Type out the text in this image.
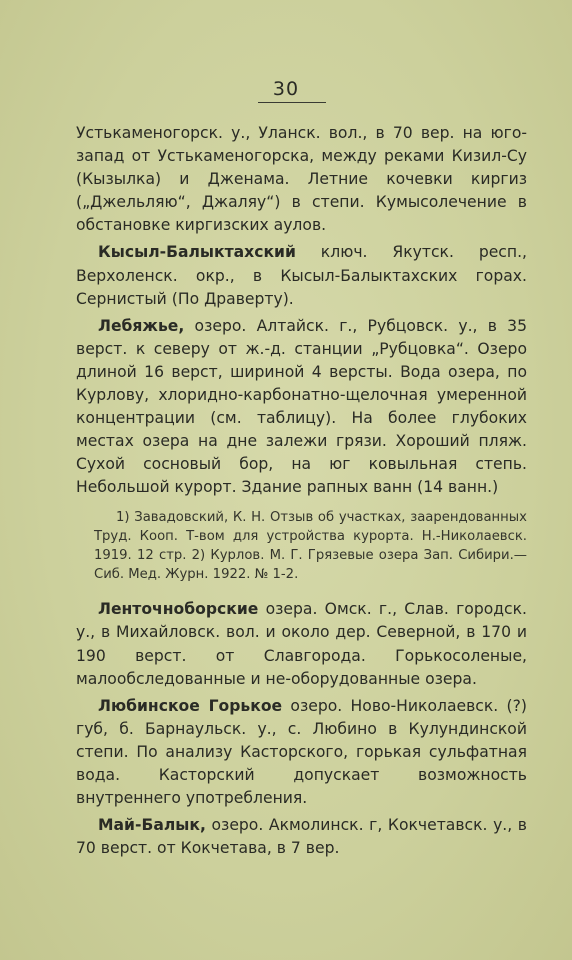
30

Устькаменогорск. у., Уланск. вол., в 70 вер. на юго-запад от Устькаменогорска, между реками Кизил-Су (Кызылка) и Дженама. Летние кочевки киргиз („Джельляю“, Джаляу“) в степи. Кумысолечение в обстановке киргизских аулов.

Кысыл-Балыктахский ключ. Якутск. респ., Верхоленск. окр., в Кысыл-Балыктахских горах. Сернистый (По Драверту).

Лебяжье, озеро. Алтайск. г., Рубцовск. у., в 35 верст. к северу от ж.-д. станции „Рубцовка“. Озеро длиной 16 верст, шириной 4 версты. Вода озера, по Курлову, хлоридно-карбонатно-щелочная умеренной концентрации (см. таблицу). На более глубоких местах озера на дне залежи грязи. Хороший пляж. Сухой сосновый бор, на юг ковыльная степь. Небольшой курорт. Здание рапных ванн (14 ванн.)

1) Завадовский, К. Н. Отзыв об участках, заарендованных Труд. Кооп. Т-вом для устройства курорта. Н.-Николаевск. 1919. 12 стр. 2) Курлов. М. Г. Грязевые озера Зап. Сибири.—Сиб. Мед. Журн. 1922. № 1-2.

Ленточноборские озера. Омск. г., Слав. городск. у., в Михайловск. вол. и около дер. Северной, в 170 и 190 верст. от Славгорода. Горькосоленые, малообследованные и не-оборудованные озера.

Любинское Горькое озеро. Ново-Николаевск. (?) губ, б. Барнаульск. у., с. Любино в Кулундинской степи. По анализу Касторского, горькая сульфатная вода. Касторский допускает возможность внутреннего употребления.

Май-Балык, озеро. Акмолинск. г, Кокчетавск. у., в 70 верст. от Кокчетава, в 7 вер.
